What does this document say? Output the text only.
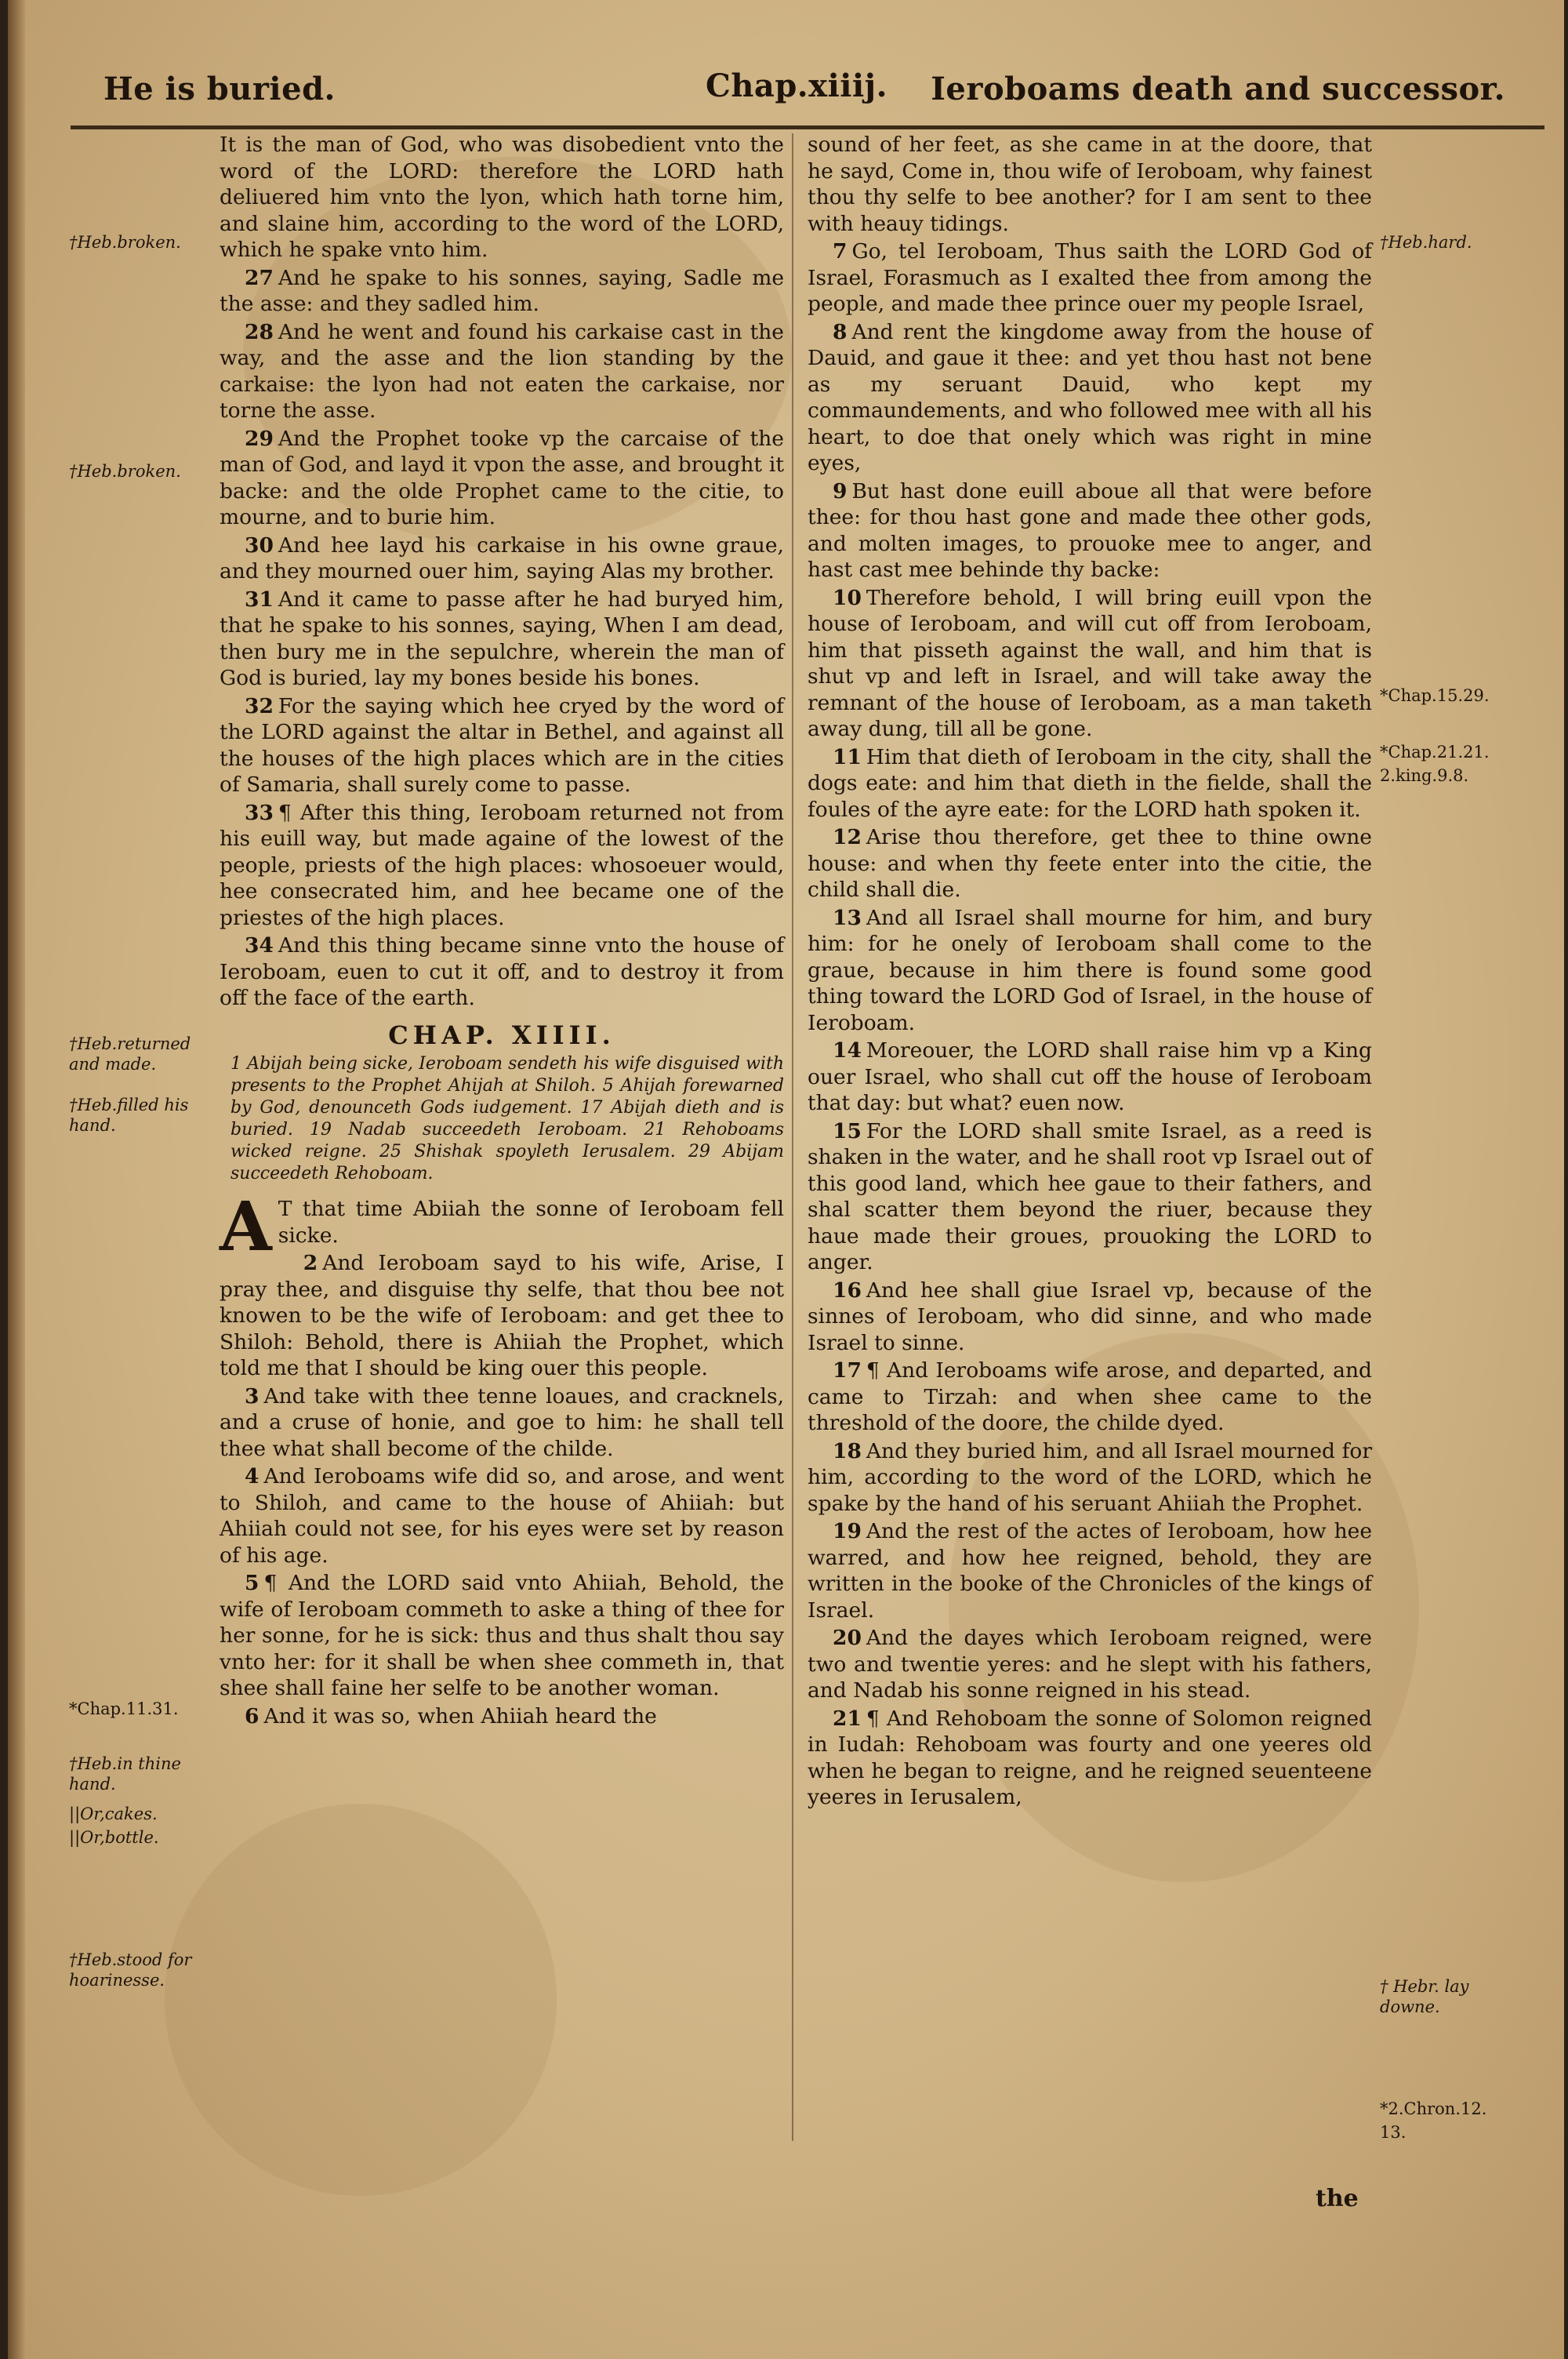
He is buried.	Chap.xiiij. Ieroboams death and successor.
†Heb.broken.
†Heb.broken.
†Heb.returned and made.
†Heb.filled his hand.
*Chap.11.31.
†Heb.in thine hand.
||Or,cakes.
||Or,bottle.
†Heb.stood for hoarinesse.
†Heb.hard.
*Chap.15.29.
*Chap.21.21.
2.king.9.8.
† Hebr. lay downe.
*2.Chron.12.
13.

It is the man of God, who was disobedient vnto the word of the LORD: therefore the LORD hath deliuered him vnto the lyon, which hath torne him, and slaine him, according to the word of the LORD, which he spake vnto him.

27 And he spake to his sonnes, saying, Sadle me the asse: and they sadled him.

28 And he went and found his carkaise cast in the way, and the asse and the lion standing by the carkaise: the lyon had not eaten the carkaise, nor torne the asse.

29 And the Prophet tooke vp the carcaise of the man of God, and layd it vpon the asse, and brought it backe: and the olde Prophet came to the citie, to mourne, and to burie him.

30 And hee layd his carkaise in his owne graue, and they mourned ouer him, saying Alas my brother.

31 And it came to passe after he had buryed him, that he spake to his sonnes, saying, When I am dead, then bury me in the sepulchre, wherein the man of God is buried, lay my bones beside his bones.

32 For the saying which hee cryed by the word of the LORD against the altar in Bethel, and against all the houses of the high places which are in the cities of Samaria, shall surely come to passe.

33 ¶ After this thing, Ieroboam returned not from his euill way, but made againe of the lowest of the people, priests of the high places: whosoeuer would, hee consecrated him, and hee became one of the priestes of the high places.

34 And this thing became sinne vnto the house of Ieroboam, euen to cut it off, and to destroy it from off the face of the earth.

CHAP. XIIII.
1 Abijah being sicke, Ieroboam sendeth his wife disguised with presents to the Prophet Ahijah at Shiloh. 5 Ahijah forewarned by God, denounceth Gods iudgement. 17 Abijah dieth and is buried. 19 Nadab succeedeth Ieroboam. 21 Rehoboams wicked reigne. 25 Shishak spoyleth Ierusalem. 29 Abijam succeedeth Rehoboam.

A T that time Abiiah the sonne of Ieroboam fell sicke.

2 And Ieroboam sayd to his wife, Arise, I pray thee, and disguise thy selfe, that thou bee not knowen to be the wife of Ieroboam: and get thee to Shiloh: Behold, there is Ahiiah the Prophet, which told me that I should be king ouer this people.

3 And take with thee tenne loaues, and cracknels, and a cruse of honie, and goe to him: he shall tell thee what shall become of the childe.

4 And Ieroboams wife did so, and arose, and went to Shiloh, and came to the house of Ahiiah: but Ahiiah could not see, for his eyes were set by reason of his age.

5 ¶ And the LORD said vnto Ahiiah, Behold, the wife of Ieroboam commeth to aske a thing of thee for her sonne, for he is sick: thus and thus shalt thou say vnto her: for it shall be when shee commeth in, that shee shall faine her selfe to be another woman.

6 And it was so, when Ahiiah heard the

sound of her feet, as she came in at the doore, that he sayd, Come in, thou wife of Ieroboam, why fainest thou thy selfe to bee another? for I am sent to thee with heauy tidings.

7 Go, tel Ieroboam, Thus saith the LORD God of Israel, Forasmuch as I exalted thee from among the people, and made thee prince ouer my people Israel,

8 And rent the kingdome away from the house of Dauid, and gaue it thee: and yet thou hast not bene as my seruant Dauid, who kept my commaundements, and who followed mee with all his heart, to doe that onely which was right in mine eyes,

9 But hast done euill aboue all that were before thee: for thou hast gone and made thee other gods, and molten images, to prouoke mee to anger, and hast cast mee behinde thy backe:

10 Therefore behold, I will bring euill vpon the house of Ieroboam, and will cut off from Ieroboam, him that pisseth against the wall, and him that is shut vp and left in Israel, and will take away the remnant of the house of Ieroboam, as a man taketh away dung, till all be gone.

11 Him that dieth of Ieroboam in the city, shall the dogs eate: and him that dieth in the fielde, shall the foules of the ayre eate: for the LORD hath spoken it.

12 Arise thou therefore, get thee to thine owne house: and when thy feete enter into the citie, the child shall die.

13 And all Israel shall mourne for him, and bury him: for he onely of Ieroboam shall come to the graue, because in him there is found some good thing toward the LORD God of Israel, in the house of Ieroboam.

14 Moreouer, the LORD shall raise him vp a King ouer Israel, who shall cut off the house of Ieroboam that day: but what? euen now.

15 For the LORD shall smite Israel, as a reed is shaken in the water, and he shall root vp Israel out of this good land, which hee gaue to their fathers, and shal scatter them beyond the riuer, because they haue made their groues, prouoking the LORD to anger.

16 And hee shall giue Israel vp, because of the sinnes of Ieroboam, who did sinne, and who made Israel to sinne.

17 ¶ And Ieroboams wife arose, and departed, and came to Tirzah: and when shee came to the threshold of the doore, the childe dyed.

18 And they buried him, and all Israel mourned for him, according to the word of the LORD, which he spake by the hand of his seruant Ahiiah the Prophet.

19 And the rest of the actes of Ieroboam, how hee warred, and how hee reigned, behold, they are written in the booke of the Chronicles of the kings of Israel.

20 And the dayes which Ieroboam reigned, were two and twentie yeres: and he slept with his fathers, and Nadab his sonne reigned in his stead.

21 ¶ And Rehoboam the sonne of Solomon reigned in Iudah: Rehoboam was fourty and one yeeres old when he began to reigne, and he reigned seuenteene yeeres in Ierusalem,

the
